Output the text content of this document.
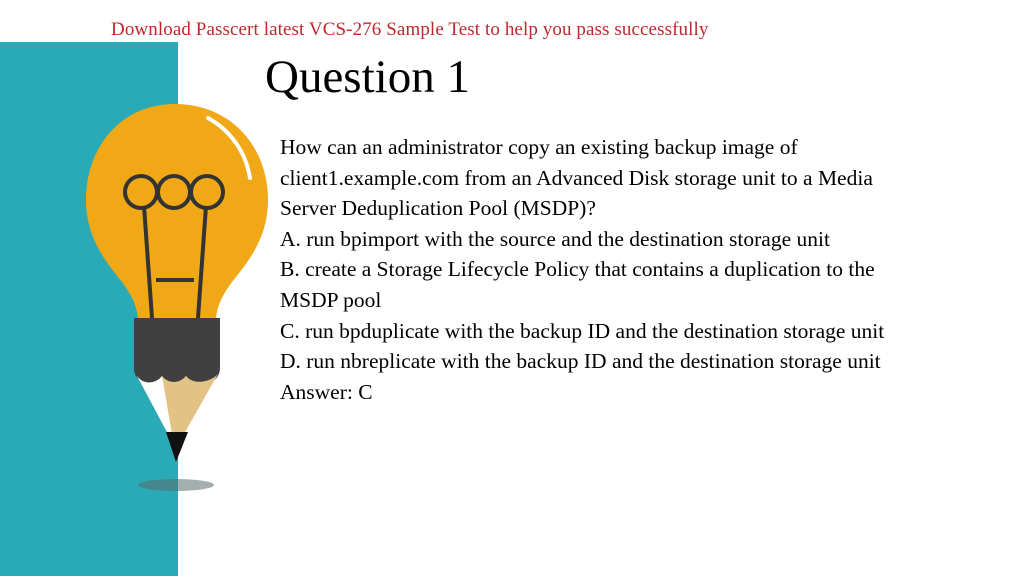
Download Passcert latest VCS-276 Sample Test to help you pass successfully
Question 1
How can an administrator copy an existing backup image of
client1.example.com from an Advanced Disk storage unit to a Media
Server Deduplication Pool (MSDP)?
A. run bpimport with the source and the destination storage unit
B. create a Storage Lifecycle Policy that contains a duplication to the
MSDP pool
C. run bpduplicate with the backup ID and the destination storage unit
D. run nbreplicate with the backup ID and the destination storage unit
Answer: C
